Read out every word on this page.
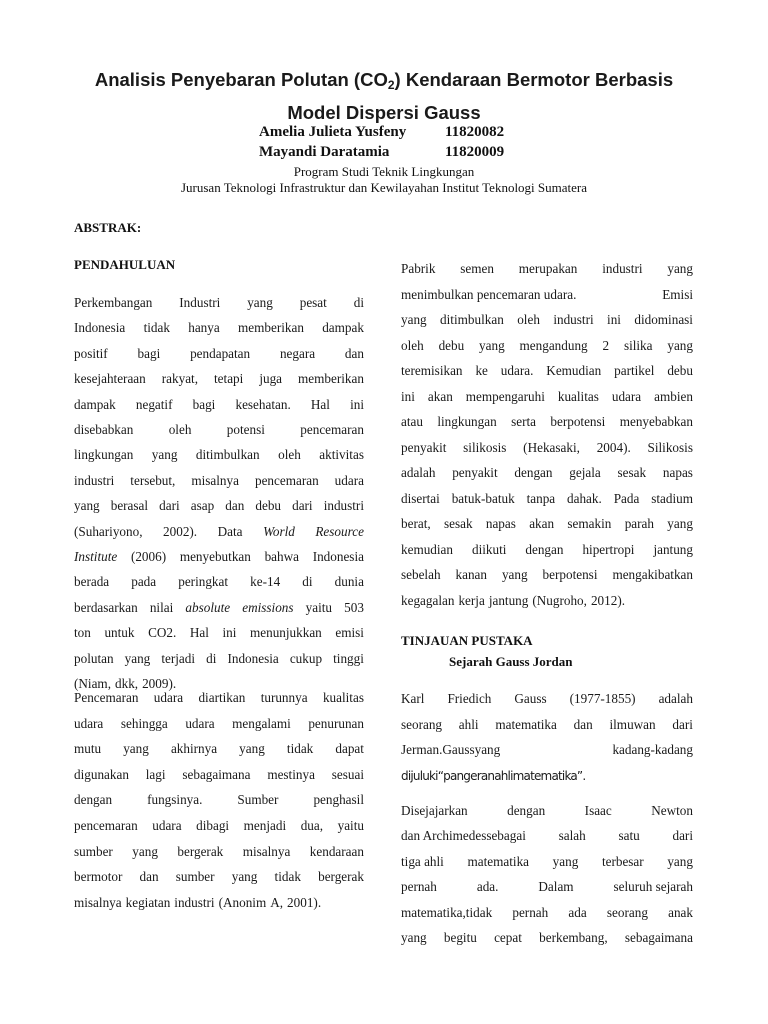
Analisis Penyebaran Polutan $(CO_2)$ Kendaraan Bermotor Berbasis
Model Dispersi Gauss
Amelia Julieta Yusfeny	11820082
Mayandi Daratamia	11820009
Program Studi Teknik Lingkungan
Jurusan Teknologi Infrastruktur dan Kewilayahan Institut Teknologi Sumatera
ABSTRAK:
PENDAHULUAN
Perkembangan Industri yang pesat di
Indonesia tidak hanya memberikan dampak
positif bagi pendapatan negara dan
kesejahteraan rakyat, tetapi juga memberikan
dampak negatif bagi kesehatan. Hal ini
disebabkan	oleh	potensi	pencemaran
lingkungan yang ditimbulkan oleh aktivitas
industri tersebut, misalnya pencemaran udara
yang berasal dari asap dan debu dari industri
(Suhariyono, 2002). Data World Resource
Institute (2006) menyebutkan bahwa Indonesia
berada pada peringkat ke-14 di dunia
berdasarkan nilai absolute emissions yaitu 503
ton untuk CO2. Hal ini menunjukkan emisi
polutan yang terjadi di Indonesia cukup tinggi
(Niam, dkk, 2009).
Pencemaran udara diartikan turunnya kualitas
udara sehingga udara mengalami penurunan
mutu yang akhirnya yang tidak dapat
digunakan lagi sebagaimana mestinya sesuai
dengan	fungsinya.	Sumber	penghasil
pencemaran udara dibagi menjadi dua, yaitu
sumber yang bergerak misalnya kendaraan
bermotor dan sumber yang tidak bergerak
misalnya kegiatan industri (Anonim A, 2001).
Pabrik semen merupakan industri yang
menimbulkan pencemaran udara.	Emisi
yang ditimbulkan oleh industri ini didominasi
oleh debu yang mengandung 2 silika yang
teremisikan ke udara. Kemudian partikel debu
ini akan mempengaruhi kualitas udara ambien
atau lingkungan serta berpotensi menyebabkan
penyakit silikosis (Hekasaki, 2004). Silikosis
adalah penyakit dengan gejala sesak napas
disertai batuk-batuk tanpa dahak. Pada stadium
berat, sesak napas akan semakin parah yang
kemudian diikuti dengan hipertropi jantung
sebelah kanan yang berpotensi mengakibatkan
kegagalan kerja jantung (Nugroho, 2012).
TINJAUAN PUSTAKA
Sejarah Gauss Jordan
Karl Friedich Gauss (1977-1855) adalah
seorang ahli matematika dan ilmuwan dari
Jerman.Gaussyang	kadang-kadang
dijuluki“pangeranahlimatematika”.
Disejajarkan	dengan	Isaac	Newton
dan Archimedessebagai salah satu dari
tiga ahli matematika yang terbesar yang
pernah	ada.	Dalam	seluruh sejarah
matematika,tidak pernah ada seorang anak
yang begitu cepat berkembang, sebagaimana
